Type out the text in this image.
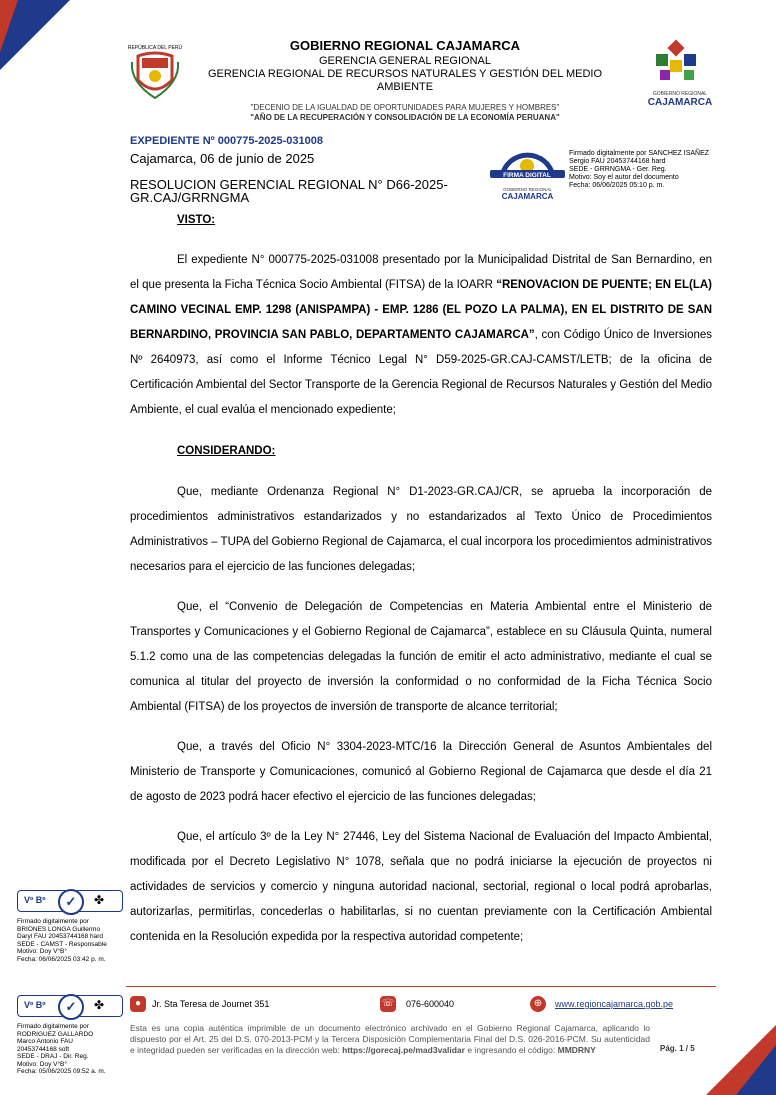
REPÚBLICA DEL PERÚ	GOBIERNO REGIONAL CAJAMARCA
GERENCIA GENERAL REGIONAL
GERENCIA REGIONAL DE RECURSOS NATURALES Y GESTIÓN DEL MEDIO AMBIENTE
GOBIERNO REGIONAL
CAJAMARCA
"DECENIO DE LA IGUALDAD DE OPORTUNIDADES PARA MUJERES Y HOMBRES"
"AÑO DE LA RECUPERACIÓN Y CONSOLIDACIÓN DE LA ECONOMÍA PERUANA"
EXPEDIENTE Nº 000775-2025-031008
Cajamarca, 06 de junio de 2025
RESOLUCION GERENCIAL REGIONAL N° D66-2025-GR.CAJ/GRRNGMA
FIRMA DIGITAL
GOBIERNO REGIONAL
CAJAMARCA
Firmado digitalmente por SANCHEZ ISAÑEZ
Sergio FAU 20453744168 hard
SEDE - GRRNGMA - Ger. Reg.
Motivo: Soy el autor del documento
Fecha: 06/06/2025 05:10 p. m.
VISTO:

El expediente N° 000775-2025-031008 presentado por la Municipalidad Distrital de San Bernardino, en el que presenta la Ficha Técnica Socio Ambiental (FITSA) de la IOARR “RENOVACION DE PUENTE; EN EL(LA) CAMINO VECINAL EMP. 1298 (ANISPAMPA) - EMP. 1286 (EL POZO LA PALMA), EN EL DISTRITO DE SAN BERNARDINO, PROVINCIA SAN PABLO, DEPARTAMENTO CAJAMARCA”, con Código Único de Inversiones Nº 2640973, así como el Informe Técnico Legal N° D59-2025-GR.CAJ-CAMST/LETB; de la oficina de Certificación Ambiental del Sector Transporte de la Gerencia Regional de Recursos Naturales y Gestión del Medio Ambiente, el cual evalúa el mencionado expediente;

CONSIDERANDO:

Que, mediante Ordenanza Regional N° D1-2023-GR.CAJ/CR, se aprueba la incorporación de procedimientos administrativos estandarizados y no estandarizados al Texto Único de Procedimientos Administrativos – TUPA del Gobierno Regional de Cajamarca, el cual incorpora los procedimientos administrativos necesarios para el ejercicio de las funciones delegadas;

Que, el “Convenio de Delegación de Competencias en Materia Ambiental entre el Ministerio de Transportes y Comunicaciones y el Gobierno Regional de Cajamarca”, establece en su Cláusula Quinta, numeral 5.1.2 como una de las competencias delegadas la función de emitir el acto administrativo, mediante el cual se comunica al titular del proyecto de inversión la conformidad o no conformidad de la Ficha Técnica Socio Ambiental (FITSA) de los proyectos de inversión de transporte de alcance territorial;

Que, a través del Oficio N° 3304-2023-MTC/16 la Dirección General de Asuntos Ambientales del Ministerio de Transporte y Comunicaciones, comunicó al Gobierno Regional de Cajamarca que desde el día 21 de agosto de 2023 podrá hacer efectivo el ejercicio de las funciones delegadas;

Que, el artículo 3º de la Ley N° 27446, Ley del Sistema Nacional de Evaluación del Impacto Ambiental, modificada por el Decreto Legislativo N° 1078, señala que no podrá iniciarse la ejecución de proyectos ni actividades de servicios y comercio y ninguna autoridad nacional, sectorial, regional o local podrá aprobarlas, autorizarlas, permitirlas, concederlas o habilitarlas, si no cuentan previamente con la Certificación Ambiental contenida en la Resolución expedida por la respectiva autoridad competente;

Vº Bº	✓	✤
Firmado digitalmente por
BRIONES LONGA Guillermo
Daryl FAU 20453744168 hard
SEDE - CAMST - Responsable
Motivo: Doy V°B°
Fecha: 06/06/2025 03:42 p. m.
Vº Bº	✓	✤
Firmado digitalmente por
RODRIGUEZ GALLARDO
Marco Antonio FAU
20453744168 soft
SEDE - DRAJ - Dir. Reg.
Motivo: Doy V°B°
Fecha: 05/06/2025 09:52 a. m.
●	Jr. Sta Teresa de Journet 351	☏ 076-600040	⊕	www.regioncajamarca.gob.pe
Esta es una copia auténtica imprimible de un documento electrónico archivado en el Gobierno Regional Cajamarca, aplicando lo dispuesto por el Art. 25 del D.S. 070-2013-PCM y la Tercera Disposición Complementaria Final del D.S. 026-2016-PCM. Su autenticidad e integridad pueden ser verificadas en la dirección web: https://gorecaj.pe/mad3validar e ingresando el código: MMDRNY	Pág. 1 / 5
